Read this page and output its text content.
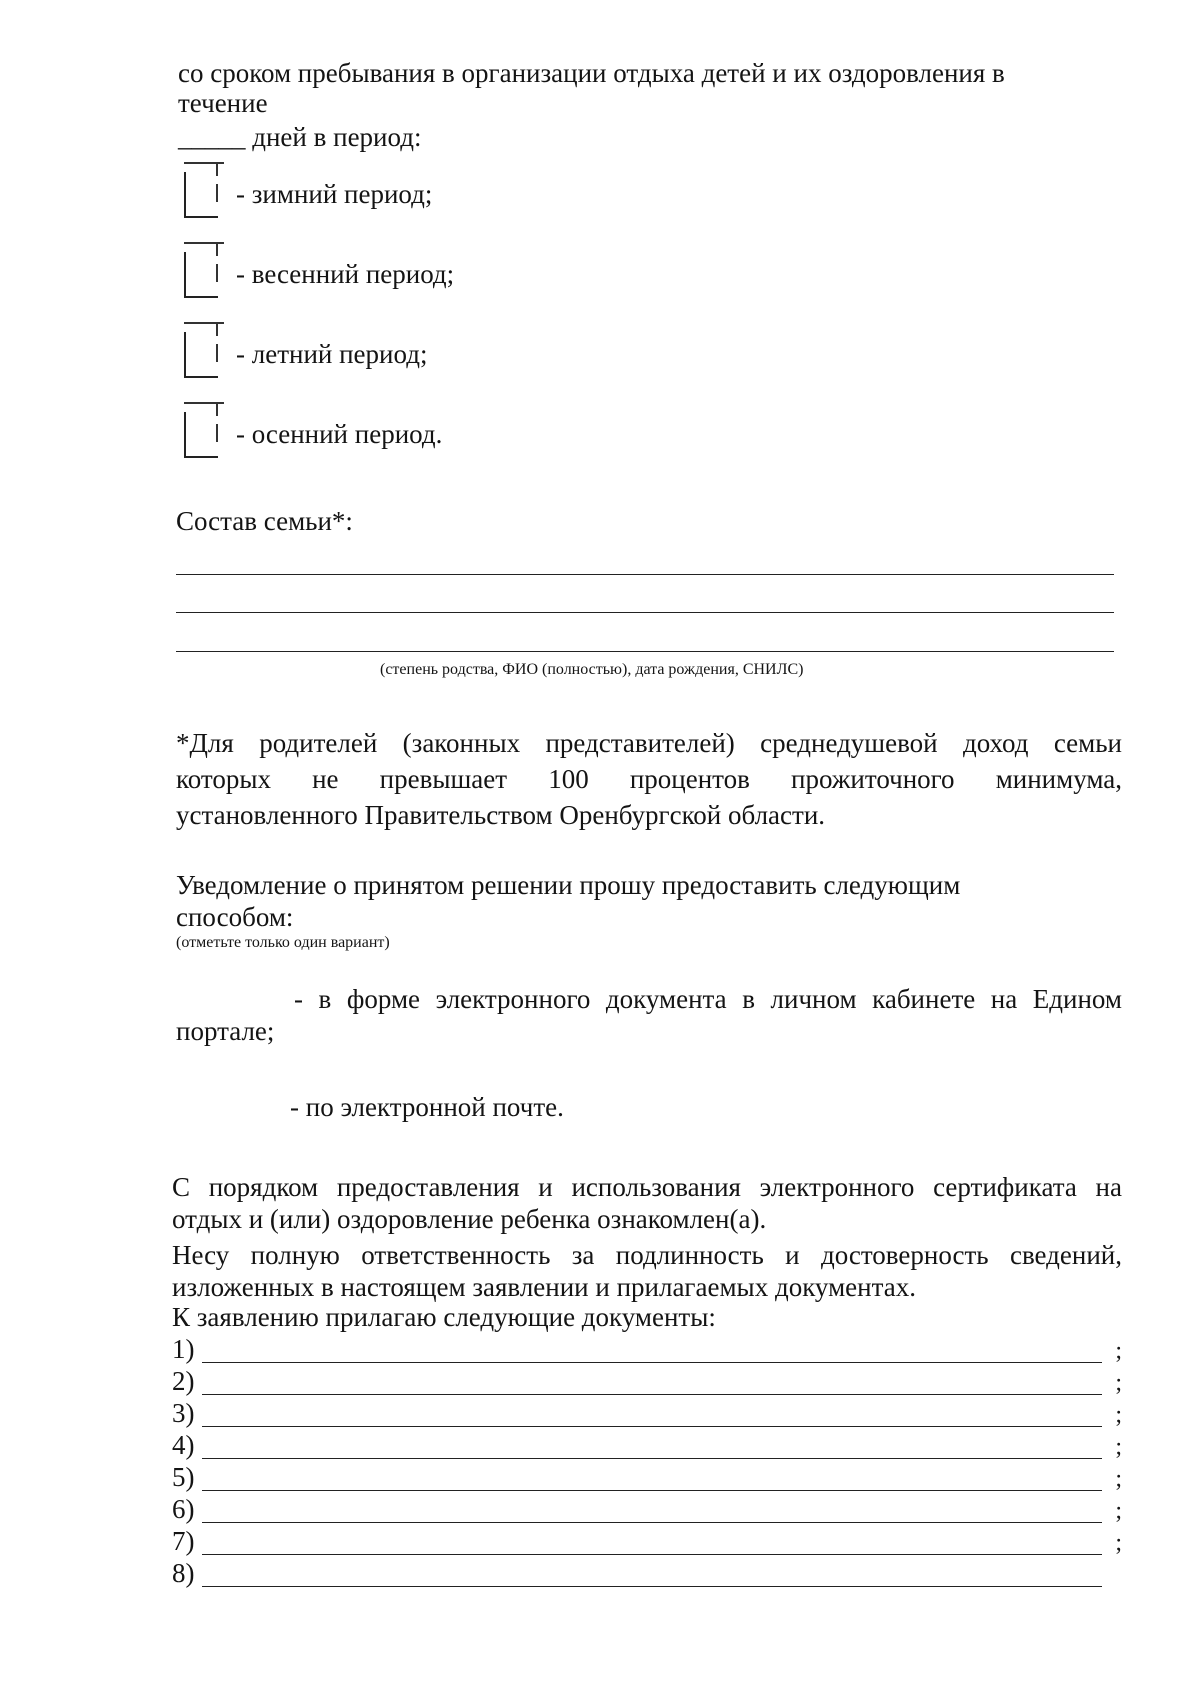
со сроком пребывания в организации отдыха детей и их оздоровления в
течение
_____ дней в период:
- зимний период;
- весенний период;
- летний период;
- осенний период.
Состав семьи*:
(степень родства, ФИО (полностью), дата рождения, СНИЛС)
*Для родителей (законных представителей) среднедушевой доход семьи
которых не превышает 100 процентов прожиточного минимума,
установленного Правительством Оренбургской области.
Уведомление о принятом решении прошу предоставить следующим
способом:
(отметьте только один вариант)
- в форме электронного документа в личном кабинете на Едином
портале;
- по электронной почте.
С порядком предоставления и использования электронного сертификата на
отдых и (или) оздоровление ребенка ознакомлен(а).
Несу полную ответственность за подлинность и достоверность сведений,
изложенных в настоящем заявлении и прилагаемых документах.
К заявлению прилагаю следующие документы:
1)	;
2)	;
3)	;
4)	;
5)	;
6)	;
7)	;
8)
